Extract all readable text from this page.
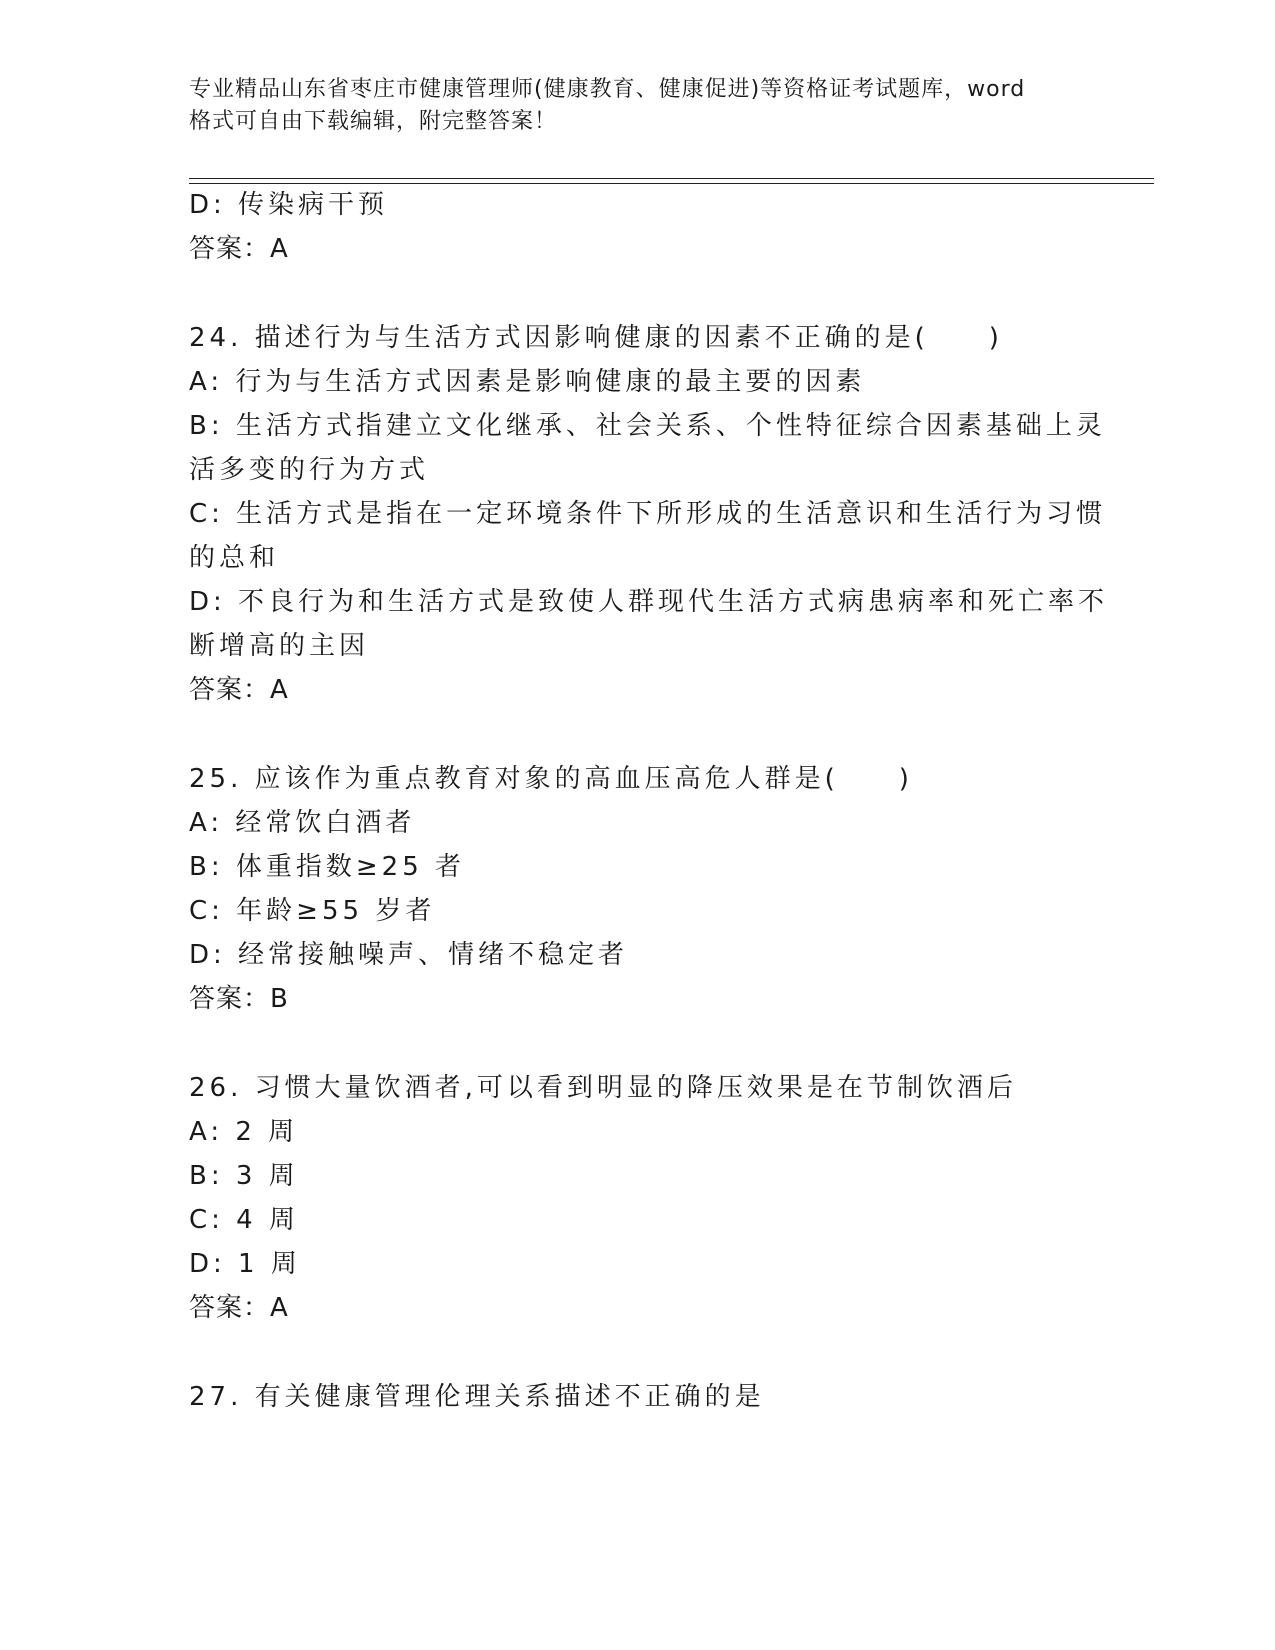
专业精品山东省枣庄市健康管理师(健康教育、健康促进)等资格证考试题库，word
格式可自由下载编辑，附完整答案！
D: 传染病干预
答案：A
24. 描述行为与生活方式因影响健康的因素不正确的是(　　)
A: 行为与生活方式因素是影响健康的最主要的因素
B: 生活方式指建立文化继承、社会关系、个性特征综合因素基础上灵
活多变的行为方式
C: 生活方式是指在一定环境条件下所形成的生活意识和生活行为习惯
的总和
D: 不良行为和生活方式是致使人群现代生活方式病患病率和死亡率不
断增高的主因
答案：A
25. 应该作为重点教育对象的高血压高危人群是(　　)
A: 经常饮白酒者
B: 体重指数≥25 者
C: 年龄≥55 岁者
D: 经常接触噪声、情绪不稳定者
答案：B
26. 习惯大量饮酒者,可以看到明显的降压效果是在节制饮酒后
A: 2 周
B: 3 周
C: 4 周
D: 1 周
答案：A
27. 有关健康管理伦理关系描述不正确的是
